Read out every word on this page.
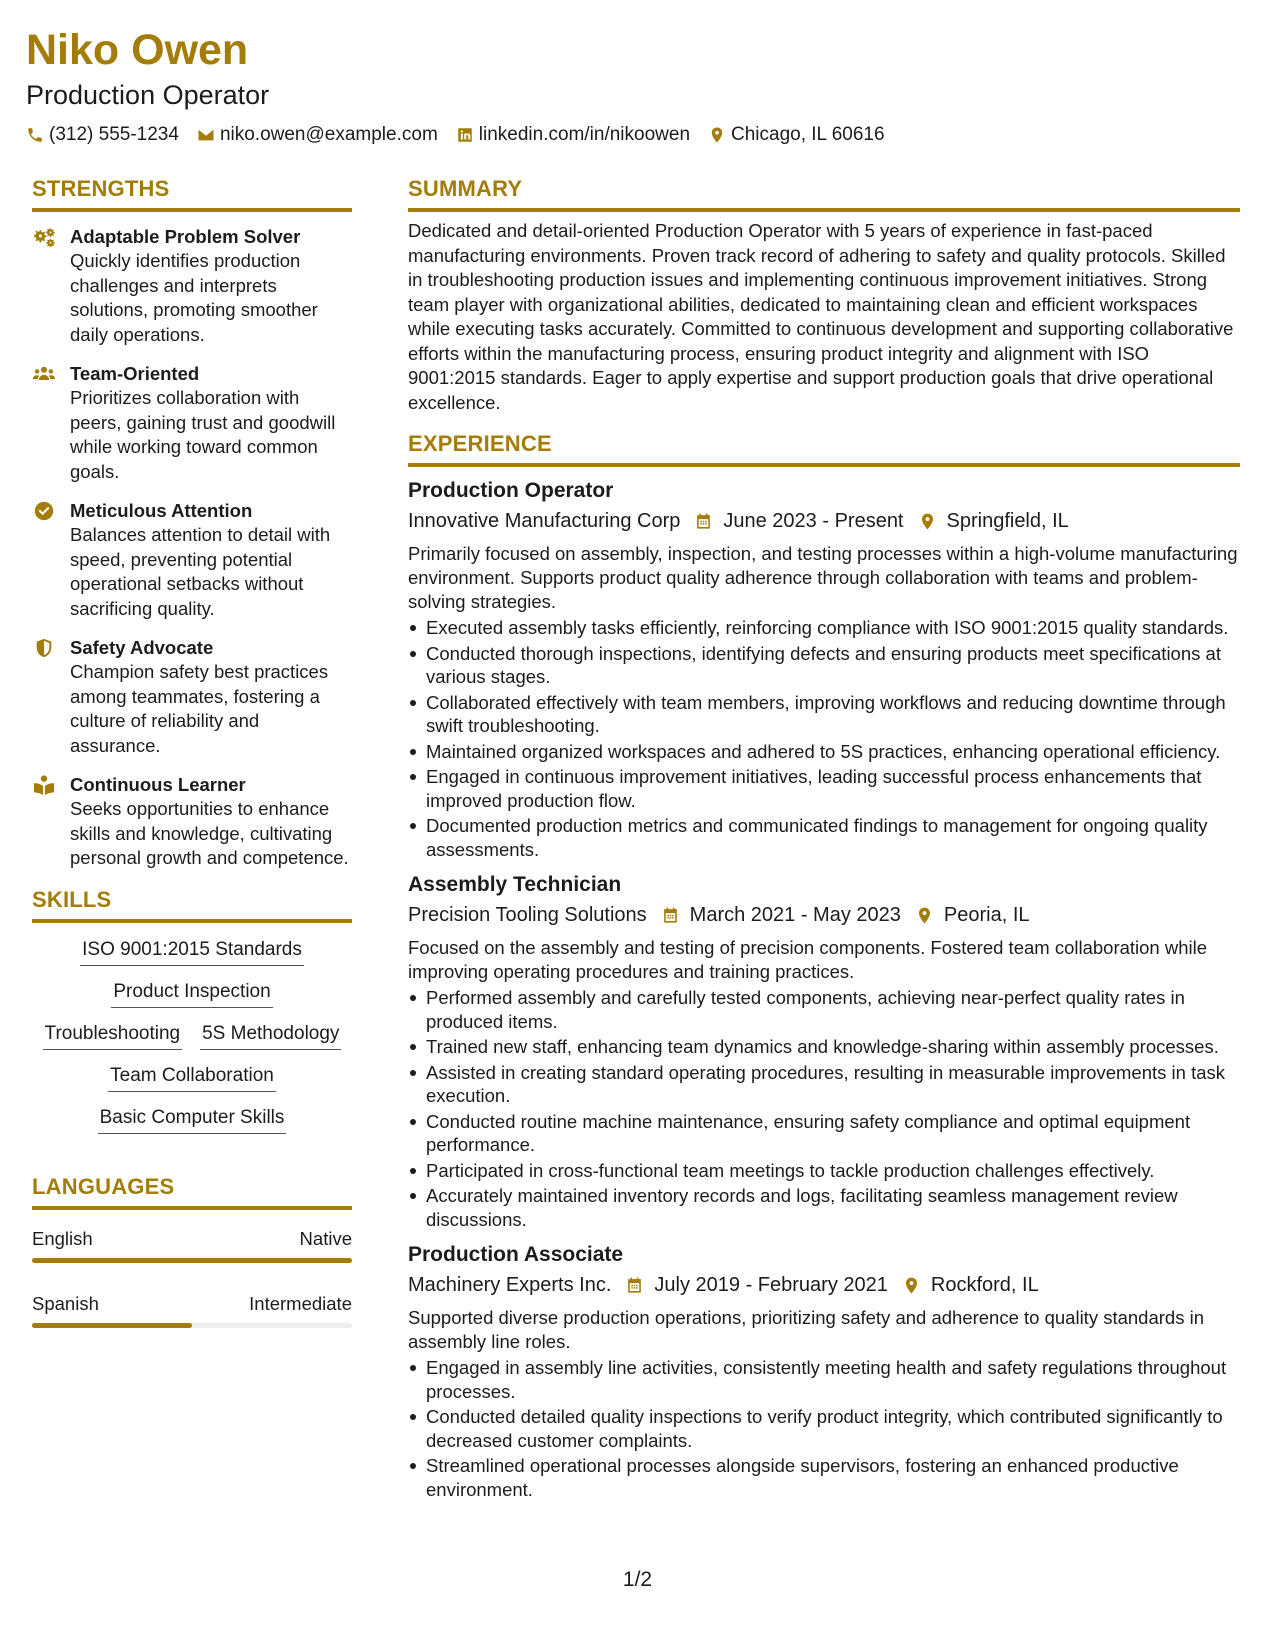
Niko Owen
Production Operator
(312) 555-1234 niko.owen@example.com linkedin.com/in/nikoowen Chicago, IL 60616
STRENGTHS
Adaptable Problem Solver
Quickly identifies production challenges and interprets solutions, promoting smoother daily operations.
Team-Oriented
Prioritizes collaboration with peers, gaining trust and goodwill while working toward common goals.
Meticulous Attention
Balances attention to detail with speed, preventing potential operational setbacks without sacrificing quality.
Safety Advocate
Champion safety best practices among teammates, fostering a culture of reliability and assurance.
Continuous Learner
Seeks opportunities to enhance skills and knowledge, cultivating personal growth and competence.
SKILLS
ISO 9001:2015 Standards
Product Inspection
Troubleshooting 5S Methodology
Team Collaboration
Basic Computer Skills
LANGUAGES
English	Native
Spanish	Intermediate
SUMMARY
Dedicated and detail-oriented Production Operator with 5 years of experience in fast-paced manufacturing environments. Proven track record of adhering to safety and quality protocols. Skilled in troubleshooting production issues and implementing continuous improvement initiatives. Strong team player with organizational abilities, dedicated to maintaining clean and efficient workspaces while executing tasks accurately. Committed to continuous development and supporting collaborative efforts within the manufacturing process, ensuring product integrity and alignment with ISO 9001:2015 standards. Eager to apply expertise and support production goals that drive operational excellence.
EXPERIENCE
Production Operator
Innovative Manufacturing Corp June 2023 - Present Springfield, IL
Primarily focused on assembly, inspection, and testing processes within a high-volume manufacturing environment. Supports product quality adherence through collaboration with teams and problem-solving strategies.
Executed assembly tasks efficiently, reinforcing compliance with ISO 9001:2015 quality standards.
Conducted thorough inspections, identifying defects and ensuring products meet specifications at various stages.
Collaborated effectively with team members, improving workflows and reducing downtime through swift troubleshooting.
Maintained organized workspaces and adhered to 5S practices, enhancing operational efficiency.
Engaged in continuous improvement initiatives, leading successful process enhancements that improved production flow.
Documented production metrics and communicated findings to management for ongoing quality assessments.
Assembly Technician
Precision Tooling Solutions March 2021 - May 2023 Peoria, IL
Focused on the assembly and testing of precision components. Fostered team collaboration while improving operating procedures and training practices.
Performed assembly and carefully tested components, achieving near-perfect quality rates in produced items.
Trained new staff, enhancing team dynamics and knowledge-sharing within assembly processes.
Assisted in creating standard operating procedures, resulting in measurable improvements in task execution.
Conducted routine machine maintenance, ensuring safety compliance and optimal equipment performance.
Participated in cross-functional team meetings to tackle production challenges effectively.
Accurately maintained inventory records and logs, facilitating seamless management review discussions.
Production Associate
Machinery Experts Inc. July 2019 - February 2021 Rockford, IL
Supported diverse production operations, prioritizing safety and adherence to quality standards in assembly line roles.
Engaged in assembly line activities, consistently meeting health and safety regulations throughout processes.
Conducted detailed quality inspections to verify product integrity, which contributed significantly to decreased customer complaints.
Streamlined operational processes alongside supervisors, fostering an enhanced productive environment.
1/2
